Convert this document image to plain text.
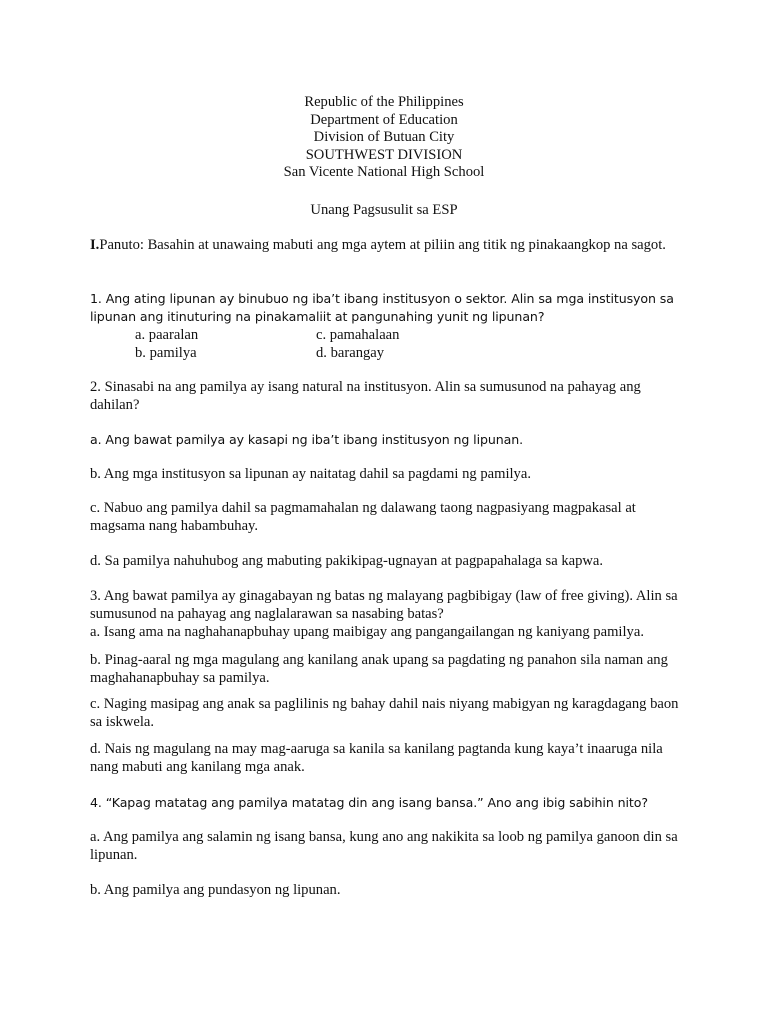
Republic of the Philippines
Department of Education
Division of Butuan City
SOUTHWEST DIVISION
San Vicente National High School
Unang Pagsusulit sa ESP

I.Panuto: Basahin at unawaing mabuti ang mga aytem at piliin ang titik ng pinakaangkop na sagot.

1. Ang ating lipunan ay binubuo ng iba’t ibang institusyon o sektor. Alin sa mga institusyon sa lipunan ang itinuturing na pinakamaliit at pangunahing yunit ng lipunan?

a. paaralan	c. pamahalaan
b. pamilya	d. barangay

2. Sinasabi na ang pamilya ay isang natural na institusyon. Alin sa sumusunod na pahayag ang dahilan?

a. Ang bawat pamilya ay kasapi ng iba’t ibang institusyon ng lipunan.

b. Ang mga institusyon sa lipunan ay naitatag dahil sa pagdami ng pamilya.

c. Nabuo ang pamilya dahil sa pagmamahalan ng dalawang taong nagpasiyang magpakasal at magsama nang habambuhay.

d. Sa pamilya nahuhubog ang mabuting pakikipag-ugnayan at pagpapahalaga sa kapwa.

3. Ang bawat pamilya ay ginagabayan ng batas ng malayang pagbibigay (law of free giving). Alin sa sumusunod na pahayag ang naglalarawan sa nasabing batas?

a. Isang ama na naghahanapbuhay upang maibigay ang pangangailangan ng kaniyang pamilya.

b. Pinag-aaral ng mga magulang ang kanilang anak upang sa pagdating ng panahon sila naman ang maghahanapbuhay sa pamilya.

c. Naging masipag ang anak sa paglilinis ng bahay dahil nais niyang mabigyan ng karagdagang baon sa iskwela.

d. Nais ng magulang na may mag-aaruga sa kanila sa kanilang pagtanda kung kaya’t inaaruga nila nang mabuti ang kanilang mga anak.

4. “Kapag matatag ang pamilya matatag din ang isang bansa.” Ano ang ibig sabihin nito?

a. Ang pamilya ang salamin ng isang bansa, kung ano ang nakikita sa loob ng pamilya ganoon din sa lipunan.

b. Ang pamilya ang pundasyon ng lipunan.
